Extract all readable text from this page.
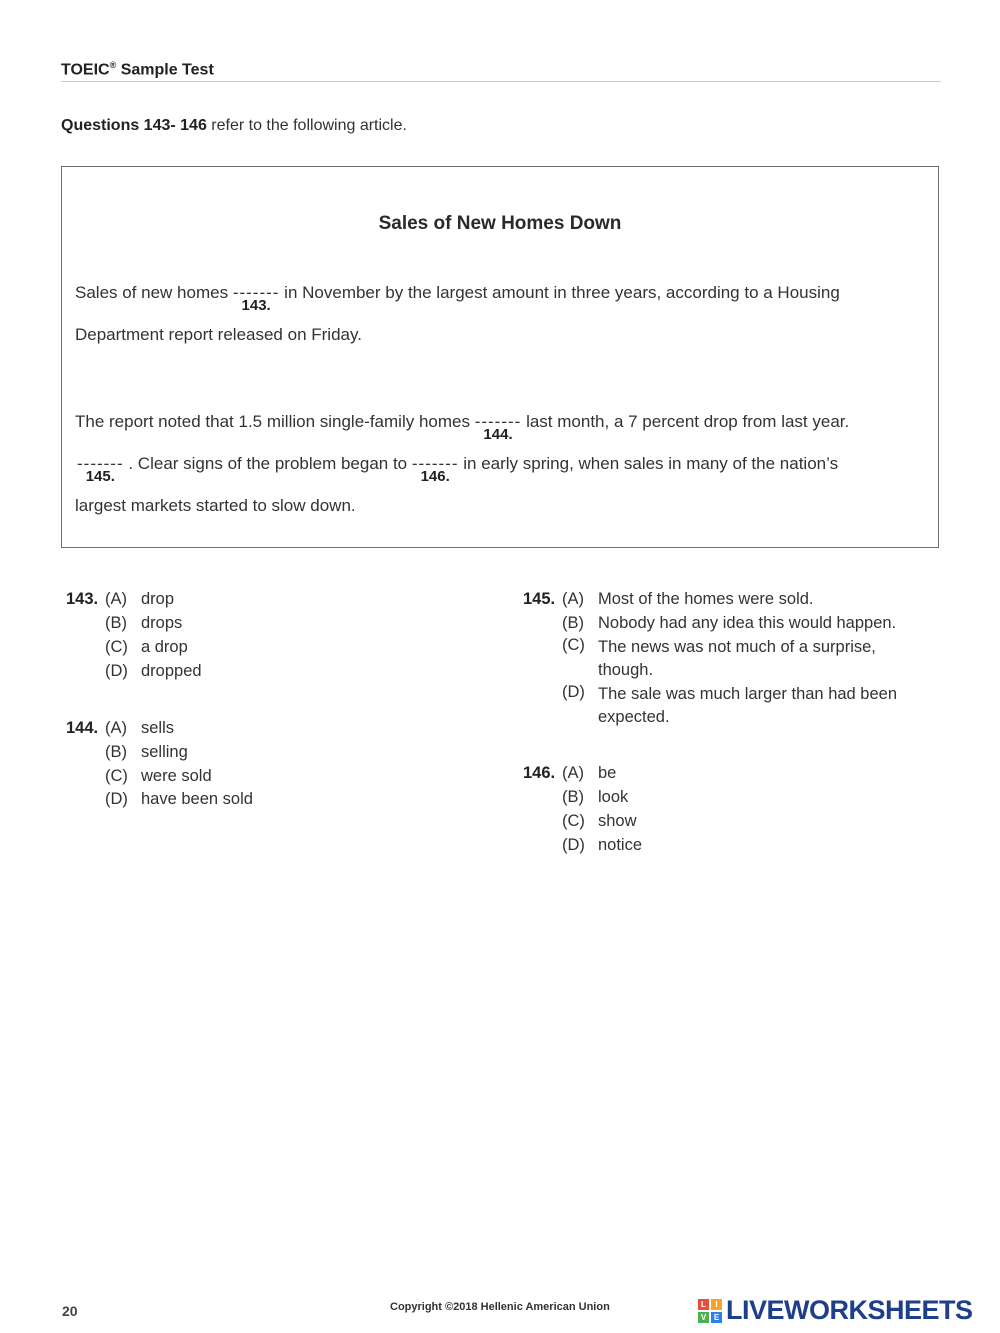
TOEIC® Sample Test
Questions 143- 146 refer to the following article.
Sales of New Homes Down
Sales of new homes -------
143.
in November by the largest amount in three years, according to a Housing
Department report released on Friday.
The report noted that 1.5 million single-family homes -------
144.
last month, a 7 percent drop from last year.
-------
145.
. Clear signs of the problem began to -------
146.
in early spring, when sales in many of the nation’s
largest markets started to slow down.
143. (A) drop
(B) drops
(C) a drop
(D) dropped
144. (A) sells
(B) selling
(C) were sold
(D) have been sold
145. (A) Most of the homes were sold.
(B) Nobody had any idea this would happen.
(C) The news was not much of a surprise, though.
(D) The sale was much larger than had been expected.
146. (A) be
(B) look
(C) show
(D) notice
20	Copyright ©2018 Hellenic American Union	L	I
V E LIVEWORKSHEETS
